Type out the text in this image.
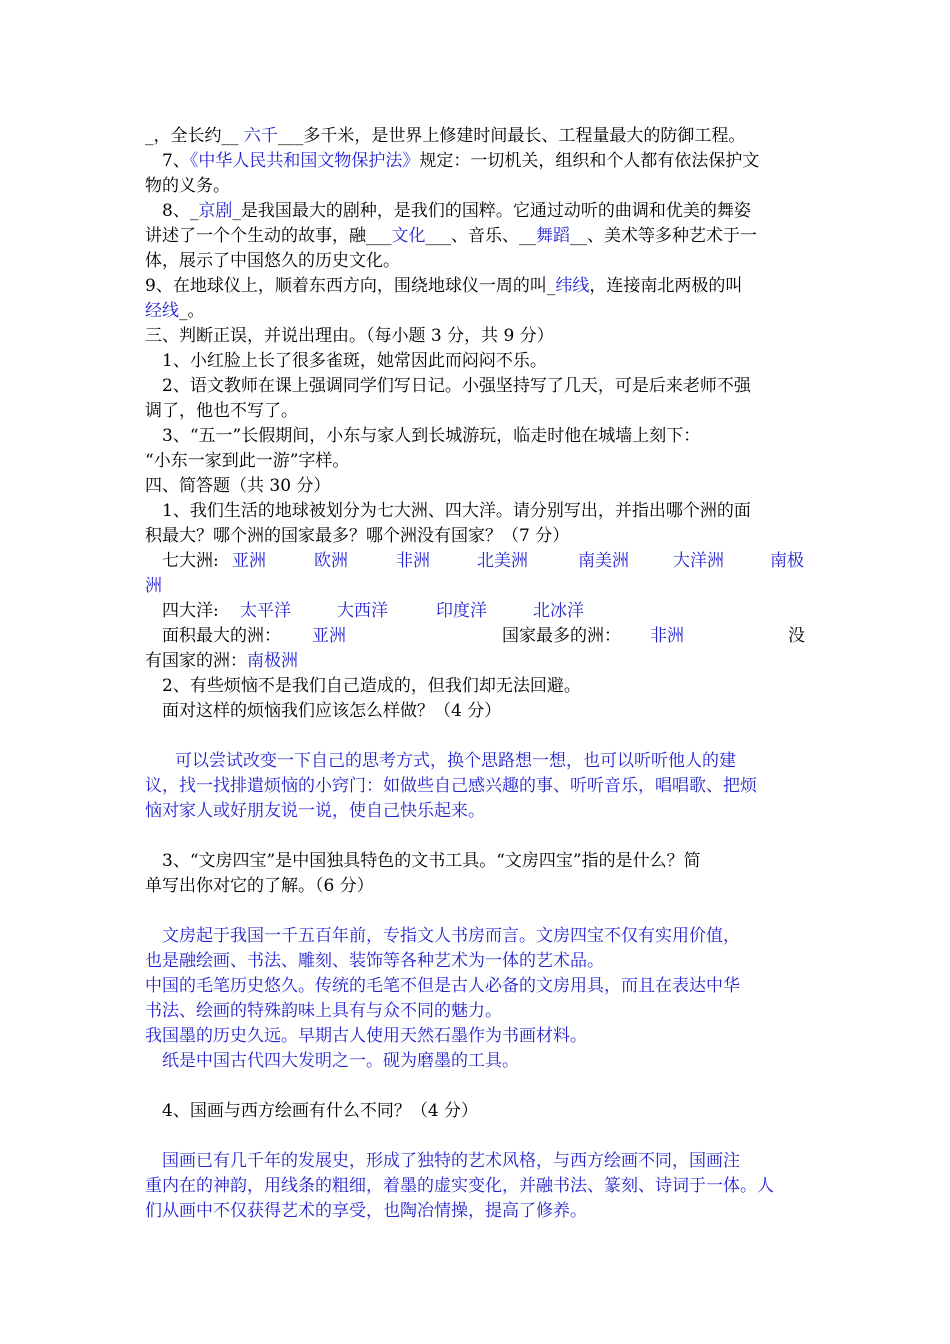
_，全长约__ 六千___多千米，是世界上修建时间最长、工程量最大的防御工程。
7、《中华人民共和国文物保护法》规定：一切机关，组织和个人都有依法保护文
物的义务。
8、_京剧_是我国最大的剧种，是我们的国粹。它通过动听的曲调和优美的舞姿
讲述了一个个生动的故事，融___文化___、音乐、__舞蹈__、美术等多种艺术于一
体，展示了中国悠久的历史文化。
9、在地球仪上，顺着东西方向，围绕地球仪一周的叫_纬线，连接南北两极的叫
经线_。
三、判断正误，并说出理由。（每小题 3 分，共 9 分）
1、小红脸上长了很多雀斑，她常因此而闷闷不乐。
2、语文教师在课上强调同学们写日记。小强坚持写了几天，可是后来老师不强
调了，他也不写了。
3、“五一”长假期间，小东与家人到长城游玩，临走时他在城墙上刻下：
“小东一家到此一游”字样。
四、简答题（共 30 分）
1、我们生活的地球被划分为七大洲、四大洋。请分别写出，并指出哪个洲的面
积最大？哪个洲的国家最多？哪个洲没有国家？（7 分）
七大洲: 亚洲	欧洲	非洲	北美洲	南美洲	大洋洲	南极
洲
四大洋: 太平洋	大西洋	印度洋	北冰洋
面积最大的洲： 亚洲	国家最多的洲： 非洲	没
有国家的洲：南极洲
2、有些烦恼不是我们自己造成的，但我们却无法回避。
面对这样的烦恼我们应该怎么样做？（4 分）
可以尝试改变一下自己的思考方式，换个思路想一想，也可以听听他人的建
议，找一找排遣烦恼的小窍门：如做些自己感兴趣的事、听听音乐，唱唱歌、把烦
恼对家人或好朋友说一说，使自己快乐起来。
3、“文房四宝”是中国独具特色的文书工具。“文房四宝”指的是什么？简
单写出你对它的了解。（6 分）
文房起于我国一千五百年前，专指文人书房而言。文房四宝不仅有实用价值，
也是融绘画、书法、雕刻、装饰等各种艺术为一体的艺术品。
中国的毛笔历史悠久。传统的毛笔不但是古人必备的文房用具，而且在表达中华
书法、绘画的特殊韵味上具有与众不同的魅力。
我国墨的历史久远。早期古人使用天然石墨作为书画材料。
纸是中国古代四大发明之一。砚为磨墨的工具。
4、国画与西方绘画有什么不同？（4 分）
国画已有几千年的发展史，形成了独特的艺术风格，与西方绘画不同，国画注
重内在的神韵，用线条的粗细，着墨的虚实变化，并融书法、篆刻、诗词于一体。人
们从画中不仅获得艺术的享受，也陶冶情操，提高了修养。
